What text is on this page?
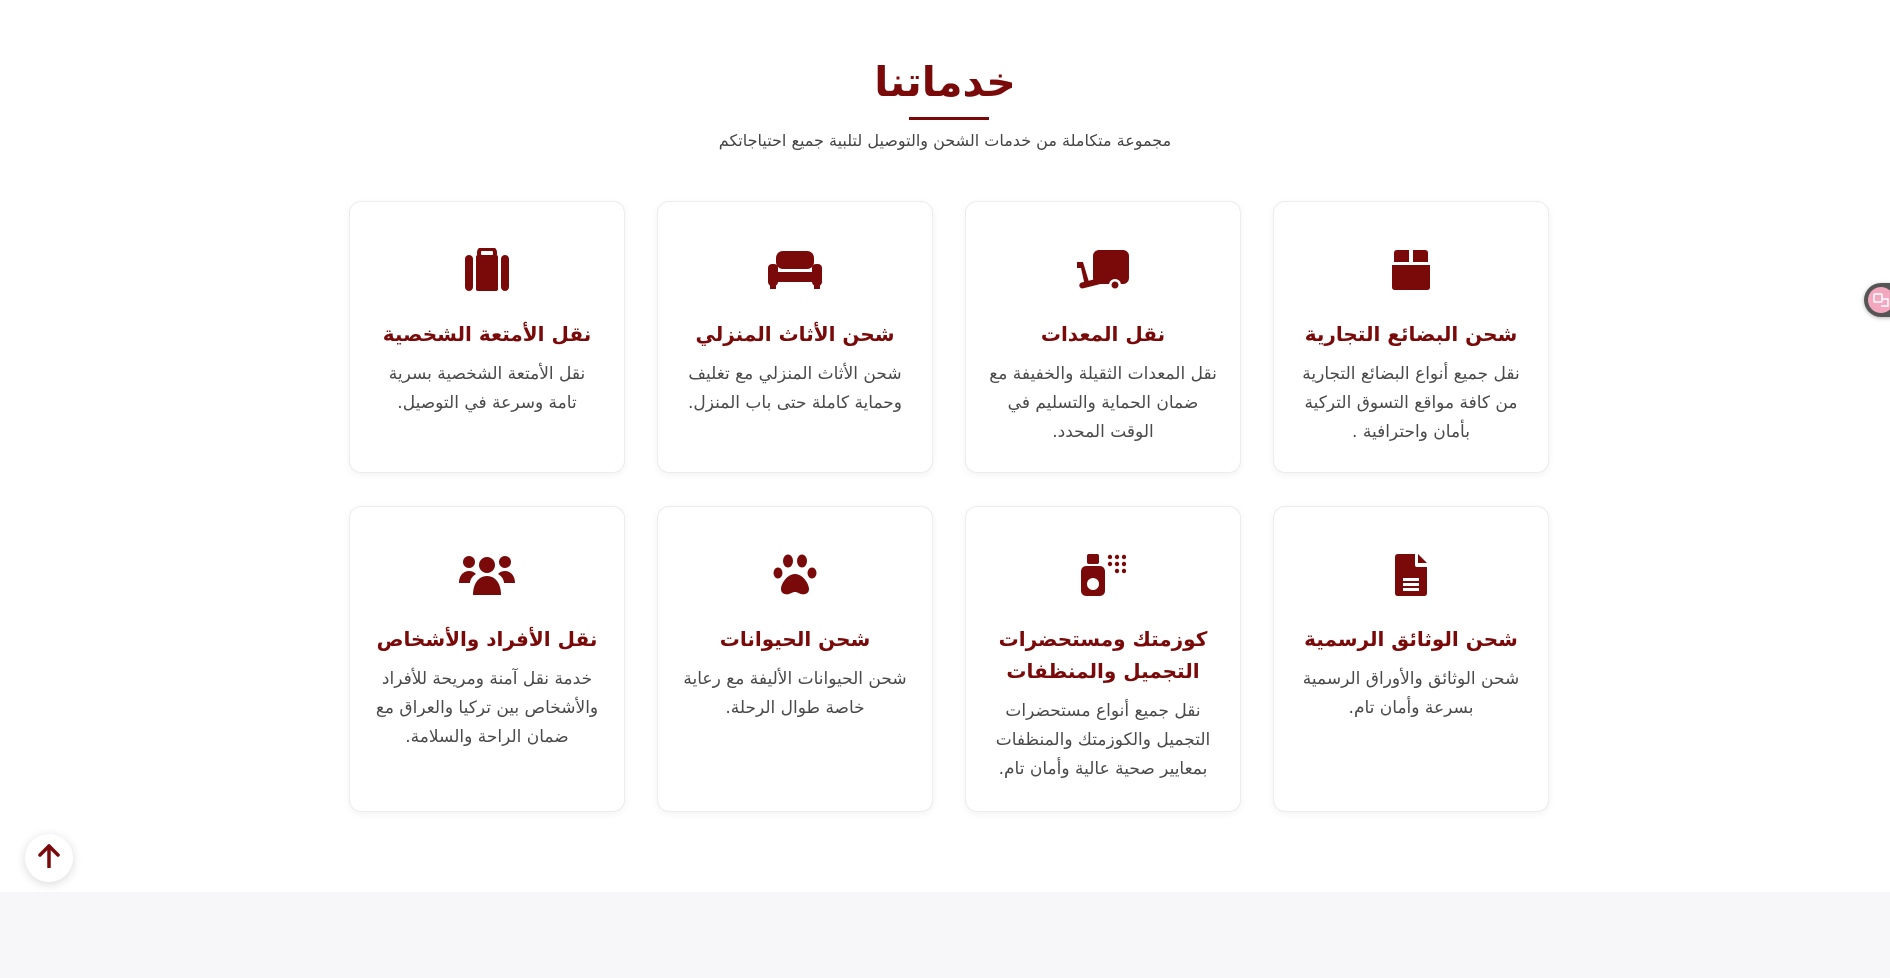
خدماتنا

مجموعة متكاملة من خدمات الشحن والتوصيل لتلبية جميع احتياجاتكم

شحن البضائع التجارية
نقل جميع أنواع البضائع التجارية من كافة مواقع التسوق التركية بأمان واحترافية .
نقل المعدات
نقل المعدات الثقيلة والخفيفة مع ضمان الحماية والتسليم في الوقت المحدد.
شحن الأثاث المنزلي
شحن الأثاث المنزلي مع تغليف وحماية كاملة حتى باب المنزل.
نقل الأمتعة الشخصية
نقل الأمتعة الشخصية بسرية تامة وسرعة في التوصيل.
شحن الوثائق الرسمية
شحن الوثائق والأوراق الرسمية بسرعة وأمان تام.
كوزمتك ومستحضرات التجميل والمنظفات
نقل جميع أنواع مستحضرات التجميل والكوزمتك والمنظفات بمعايير صحية عالية وأمان تام.
شحن الحيوانات
شحن الحيوانات الأليفة مع رعاية خاصة طوال الرحلة.
نقل الأفراد والأشخاص
خدمة نقل آمنة ومريحة للأفراد والأشخاص بين تركيا والعراق مع ضمان الراحة والسلامة.
